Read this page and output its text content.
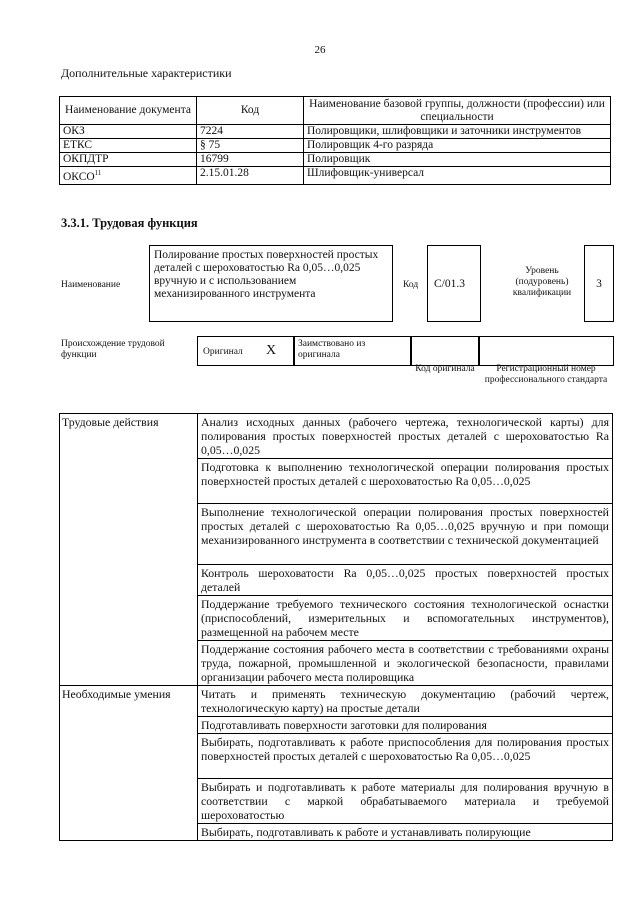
26
Дополнительные характеристики
Наименование документа	Код	Наименование базовой группы, должности (профессии) или специальности
ОКЗ	7224	Полировщики, шлифовщики и заточники инструментов
ЕТКС	§ 75	Полировщик 4-го разряда
ОКПДТР	16799	Полировщик
ОКСО$^{11}$	2.15.01.28	Шлифовщик-универсал
3.3.1. Трудовая функция
Наименование
Полирование простых поверхностей простых деталей с шероховатостью Ra 0,05…0,025 вручную и с использованием механизированного инструмента
Код	C/01.3
Уровень (подуровень) квалификации
3
Происхождение трудовой функции	Оригинал X	Заимствовано из оригинала
Код оригинала	Регистрационный номер профессионального стандарта
Трудовые действия	Анализ исходных данных (рабочего чертежа, технологической карты) для полирования простых поверхностей простых деталей с шероховатостью Ra 0,05…0,025
	Подготовка к выполнению технологической операции полирования простых поверхностей простых деталей с шероховатостью Ra 0,05…0,025
	Выполнение технологической операции полирования простых поверхностей простых деталей с шероховатостью Ra 0,05…0,025 вручную и при помощи механизированного инструмента в соответствии с технической документацией
	Контроль шероховатости Ra 0,05…0,025 простых поверхностей простых деталей
	Поддержание требуемого технического состояния технологической оснастки (приспособлений, измерительных и вспомогательных инструментов), размещенной на рабочем месте
	Поддержание состояния рабочего места в соответствии с требованиями охраны труда, пожарной, промышленной и экологической безопасности, правилами организации рабочего места полировщика
Необходимые умения	Читать и применять техническую документацию (рабочий чертеж, технологическую карту) на простые детали
	Подготавливать поверхности заготовки для полирования
	Выбирать, подготавливать к работе приспособления для полирования простых поверхностей простых деталей с шероховатостью Ra 0,05…0,025
	Выбирать и подготавливать к работе материалы для полирования вручную в соответствии с маркой обрабатываемого материала и требуемой шероховатостью
	Выбирать, подготавливать к работе и устанавливать полирующие
